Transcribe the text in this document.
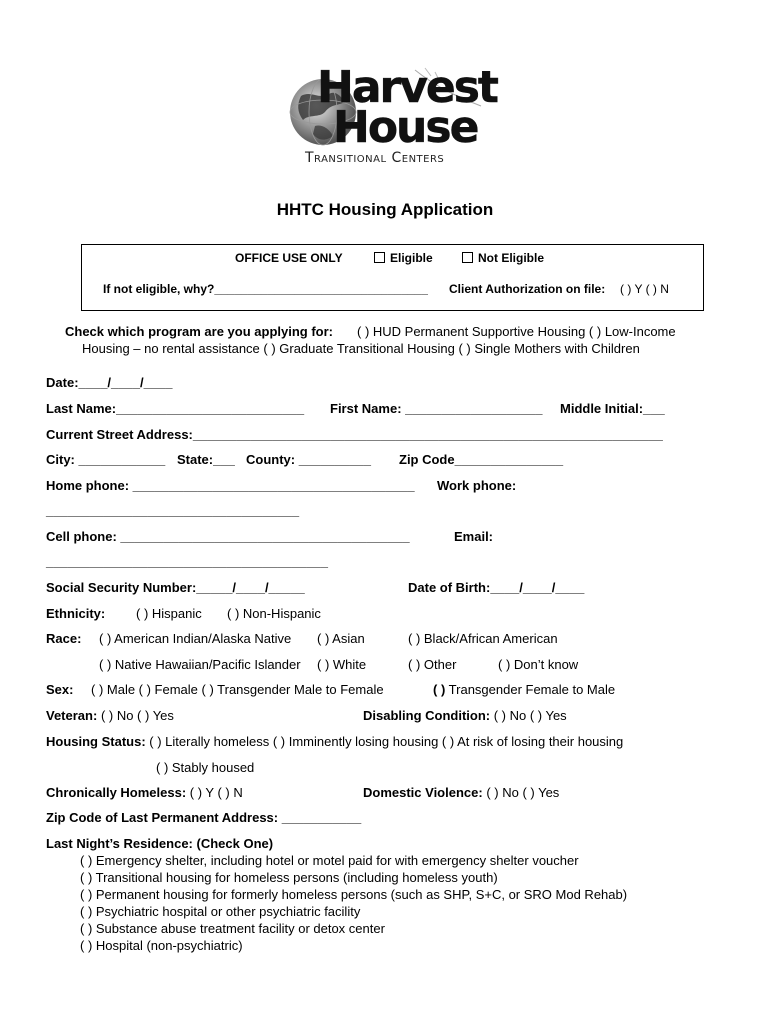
Harvest
House
Transitional Centers
HHTC Housing Application
OFFICE USE ONLY	Eligible	Not Eligible
If not eligible, why?________________________________ Client Authorization on file: ( ) Y ( ) N
Check which program are you applying for: ( ) HUD Permanent Supportive Housing ( ) Low-Income
Housing – no rental assistance ( ) Graduate Transitional Housing ( ) Single Mothers with Children
Date:____/____/____
Last Name:__________________________ First Name: ___________________ Middle Initial:___
Current Street Address:_________________________________________________________________
City: ____________ State:___ County: __________ Zip Code_______________
Home phone: _______________________________________ Work phone:
___________________________________
Cell phone: ________________________________________	Email:
_______________________________________
Social Security Number:_____/____/_____	Date of Birth:____/____/____
Ethnicity: ( ) Hispanic ( ) Non-Hispanic
Race: ( ) American Indian/Alaska Native ( ) Asian	( ) Black/African American
( ) Native Hawaiian/Pacific Islander ( ) White	( ) Other	( ) Don’t know
Sex: ( ) Male ( ) Female ( ) Transgender Male to Female	( ) Transgender Female to Male
Veteran: ( ) No ( ) Yes	Disabling Condition: ( ) No ( ) Yes
Housing Status: ( ) Literally homeless ( ) Imminently losing housing ( ) At risk of losing their housing
( ) Stably housed
Chronically Homeless: ( ) Y ( ) N	Domestic Violence: ( ) No ( ) Yes
Zip Code of Last Permanent Address: ___________
Last Night’s Residence: (Check One)
( ) Emergency shelter, including hotel or motel paid for with emergency shelter voucher
( ) Transitional housing for homeless persons (including homeless youth)
( ) Permanent housing for formerly homeless persons (such as SHP, S+C, or SRO Mod Rehab)
( ) Psychiatric hospital or other psychiatric facility
( ) Substance abuse treatment facility or detox center
( ) Hospital (non-psychiatric)
